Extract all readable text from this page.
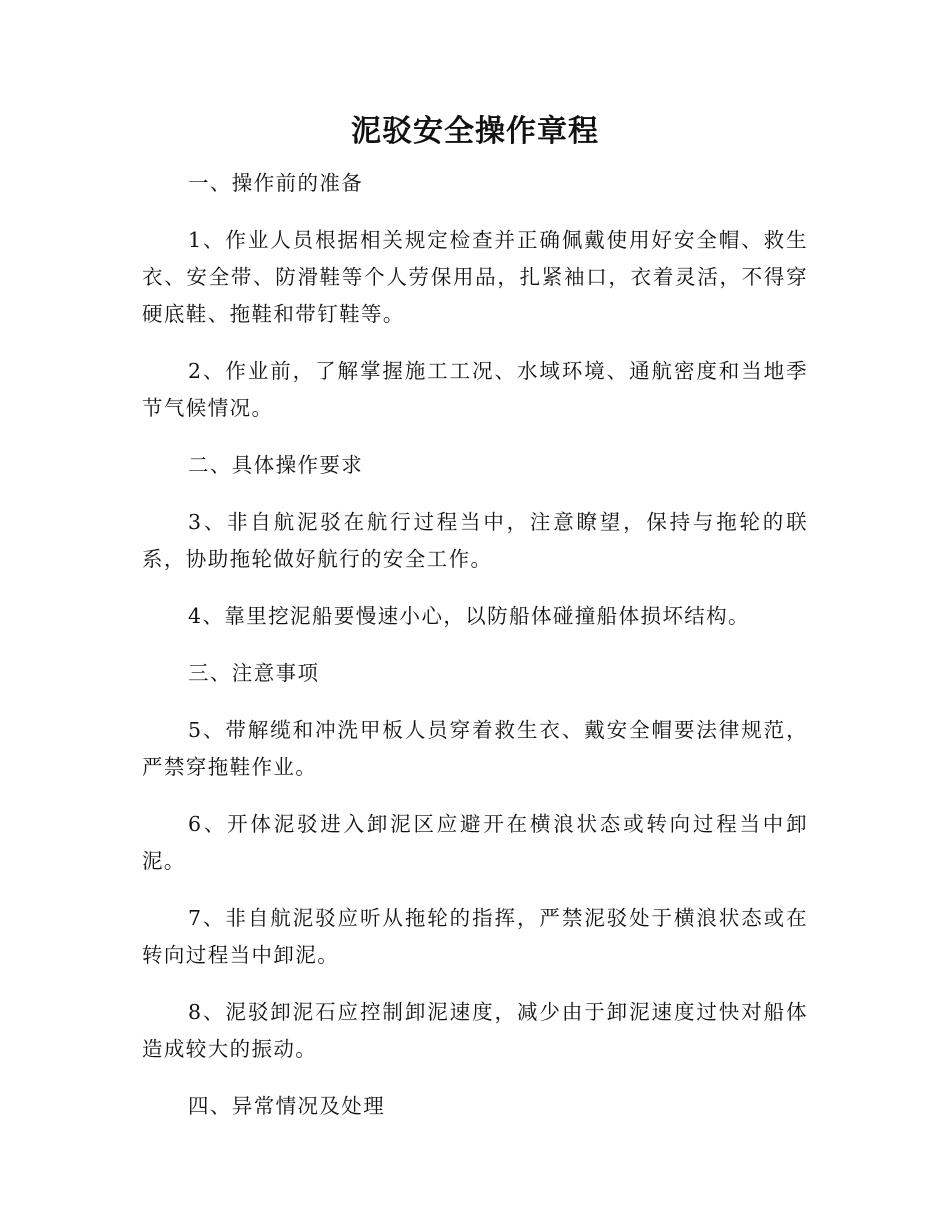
泥驳安全操作章程

一、操作前的准备

1、作业人员根据相关规定检查并正确佩戴使用好安全帽、救生衣、安全带、防滑鞋等个人劳保用品，扎紧袖口，衣着灵活，不得穿硬底鞋、拖鞋和带钉鞋等。

2、作业前，了解掌握施工工况、水域环境、通航密度和当地季节气候情况。

二、具体操作要求

3、非自航泥驳在航行过程当中，注意瞭望，保持与拖轮的联系，协助拖轮做好航行的安全工作。

4、靠里挖泥船要慢速小心，以防船体碰撞船体损坏结构。

三、注意事项

5、带解缆和冲洗甲板人员穿着救生衣、戴安全帽要法律规范，严禁穿拖鞋作业。

6、开体泥驳进入卸泥区应避开在横浪状态或转向过程当中卸泥。

7、非自航泥驳应听从拖轮的指挥，严禁泥驳处于横浪状态或在转向过程当中卸泥。

8、泥驳卸泥石应控制卸泥速度，减少由于卸泥速度过快对船体造成较大的振动。

四、异常情况及处理
